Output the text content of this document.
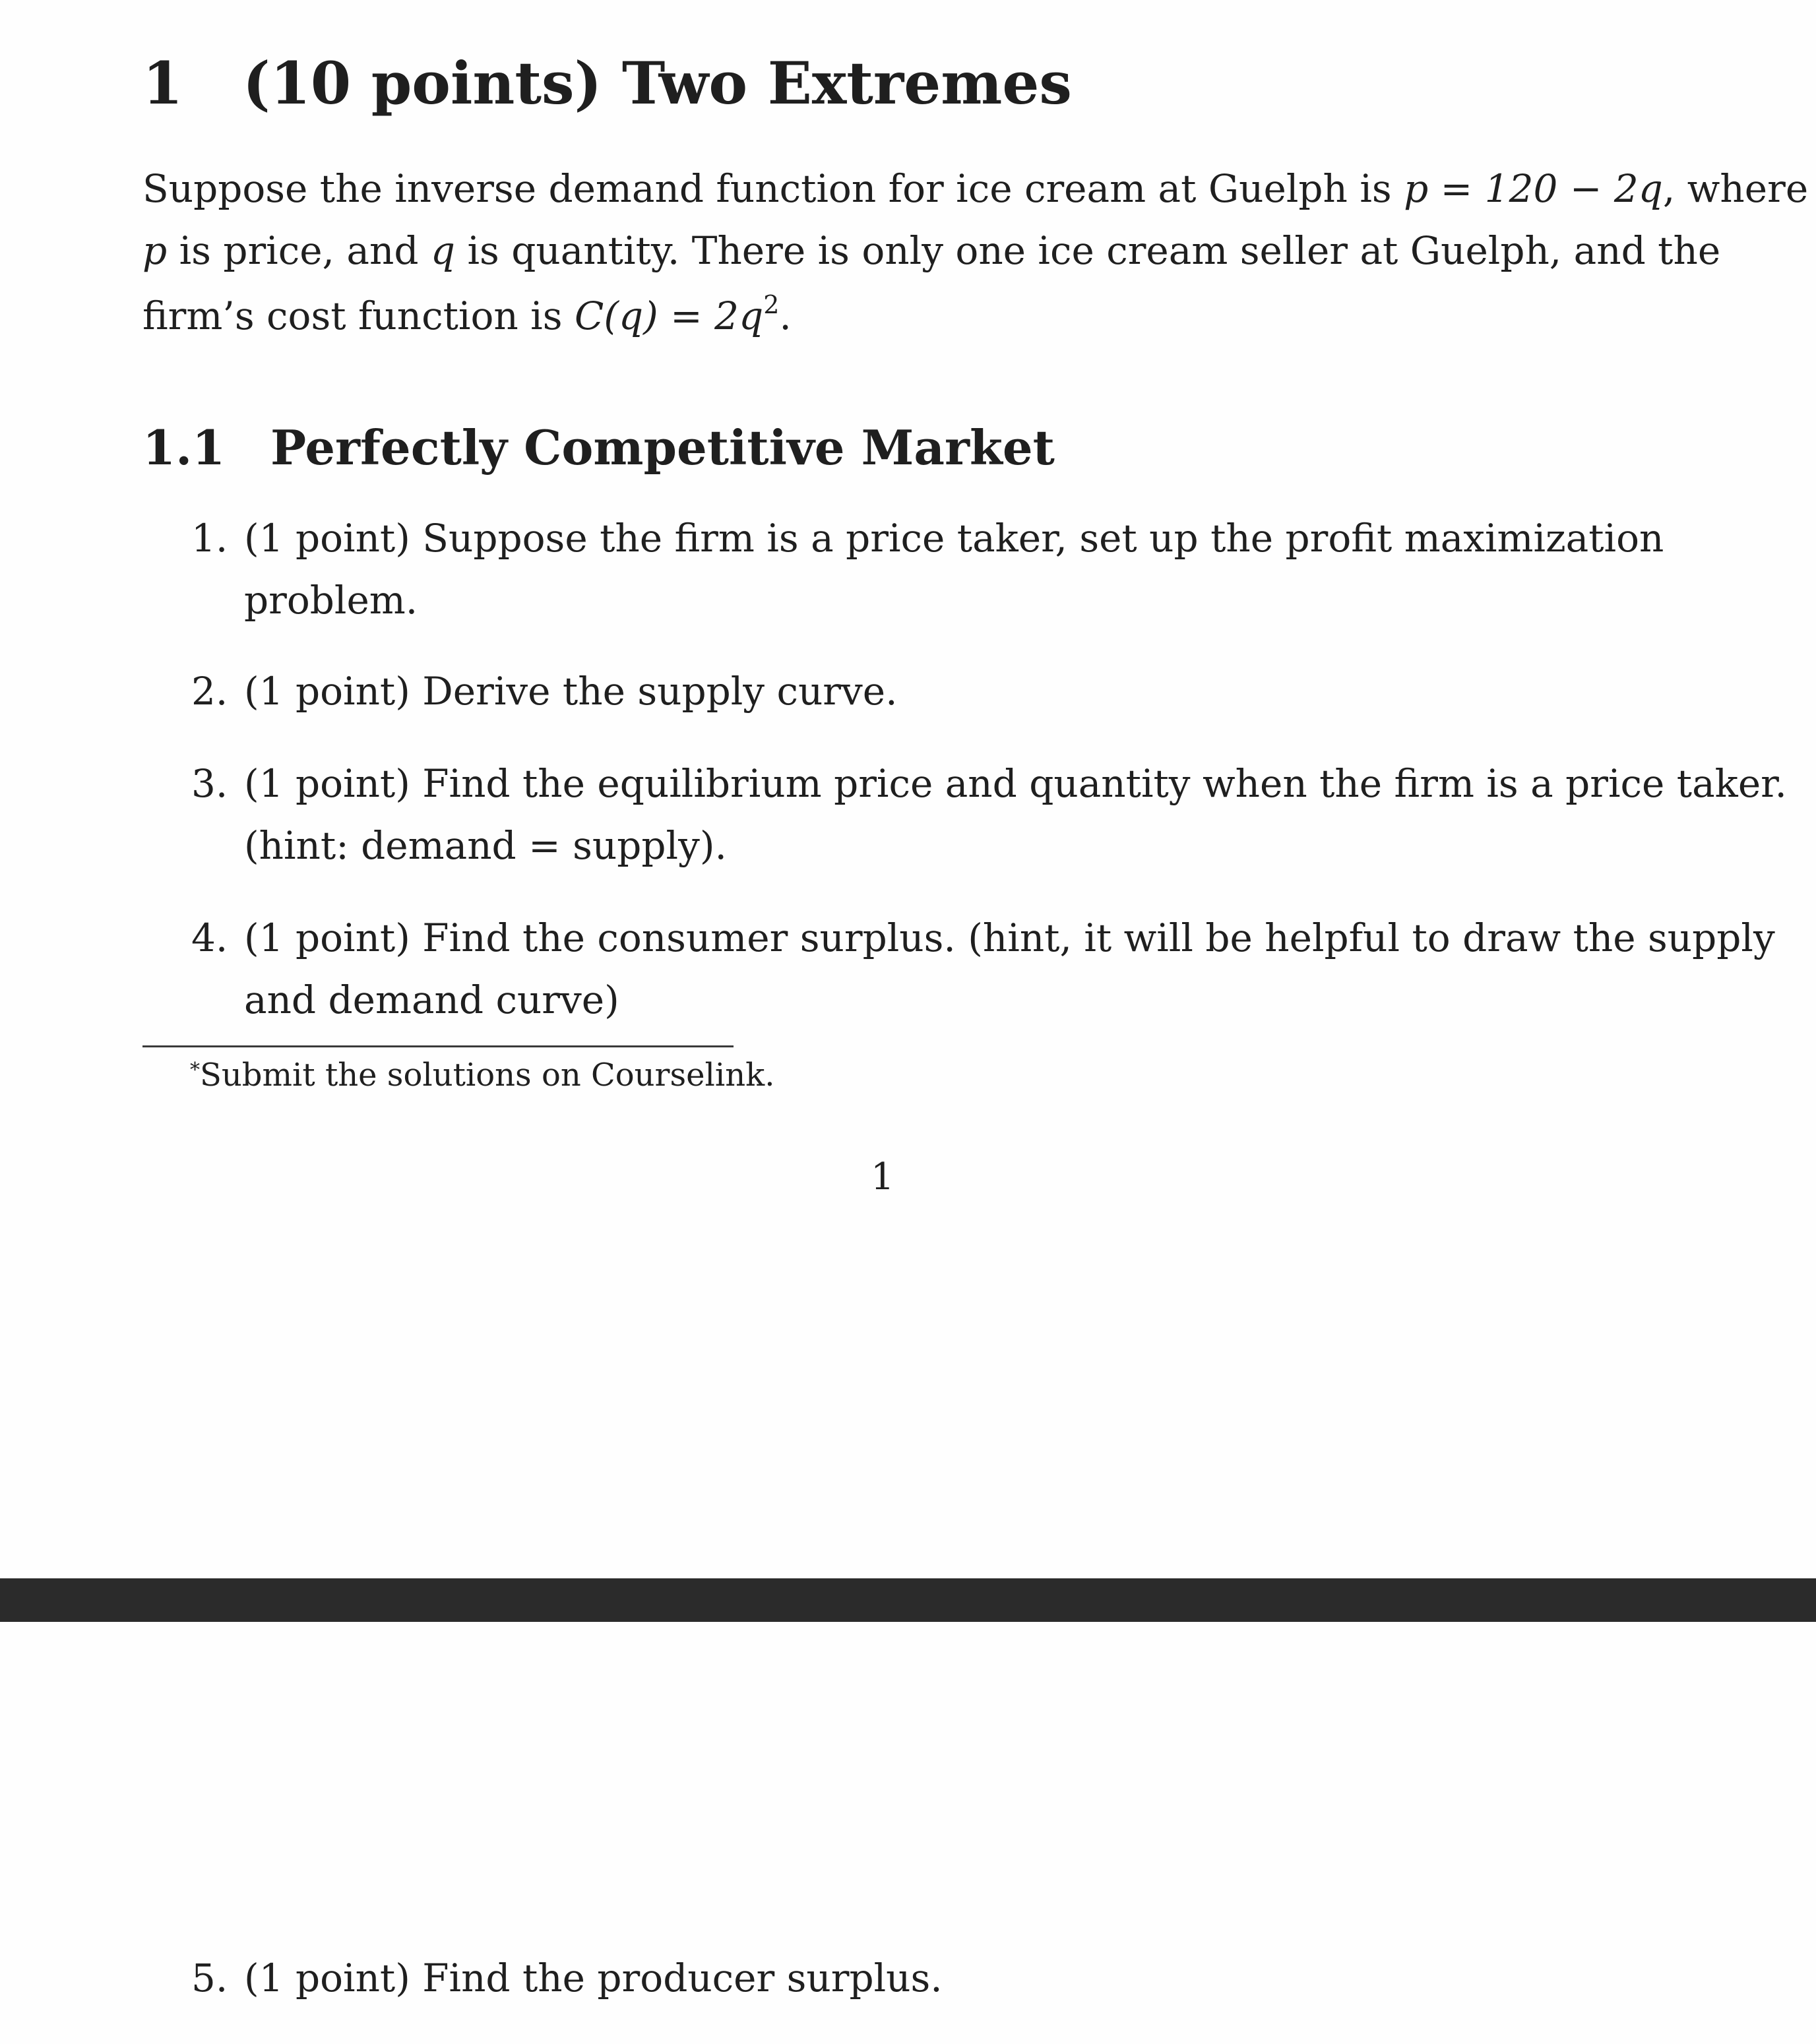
1 (10 points) Two Extremes
Suppose the inverse demand function for ice cream at Guelph is p = 120 − 2q, where
p is price, and q is quantity. There is only one ice cream seller at Guelph, and the
firm’s cost function is $C(q) = 2q^2$.
1.1 Perfectly Competitive Market
1. (1 point) Suppose the firm is a price taker, set up the profit maximization
problem.
2. (1 point) Derive the supply curve.
3. (1 point) Find the equilibrium price and quantity when the firm is a price taker.
(hint: demand = supply).
4. (1 point) Find the consumer surplus. (hint, it will be helpful to draw the supply
and demand curve)
*Submit the solutions on Courselink.
1
5. (1 point) Find the producer surplus.
